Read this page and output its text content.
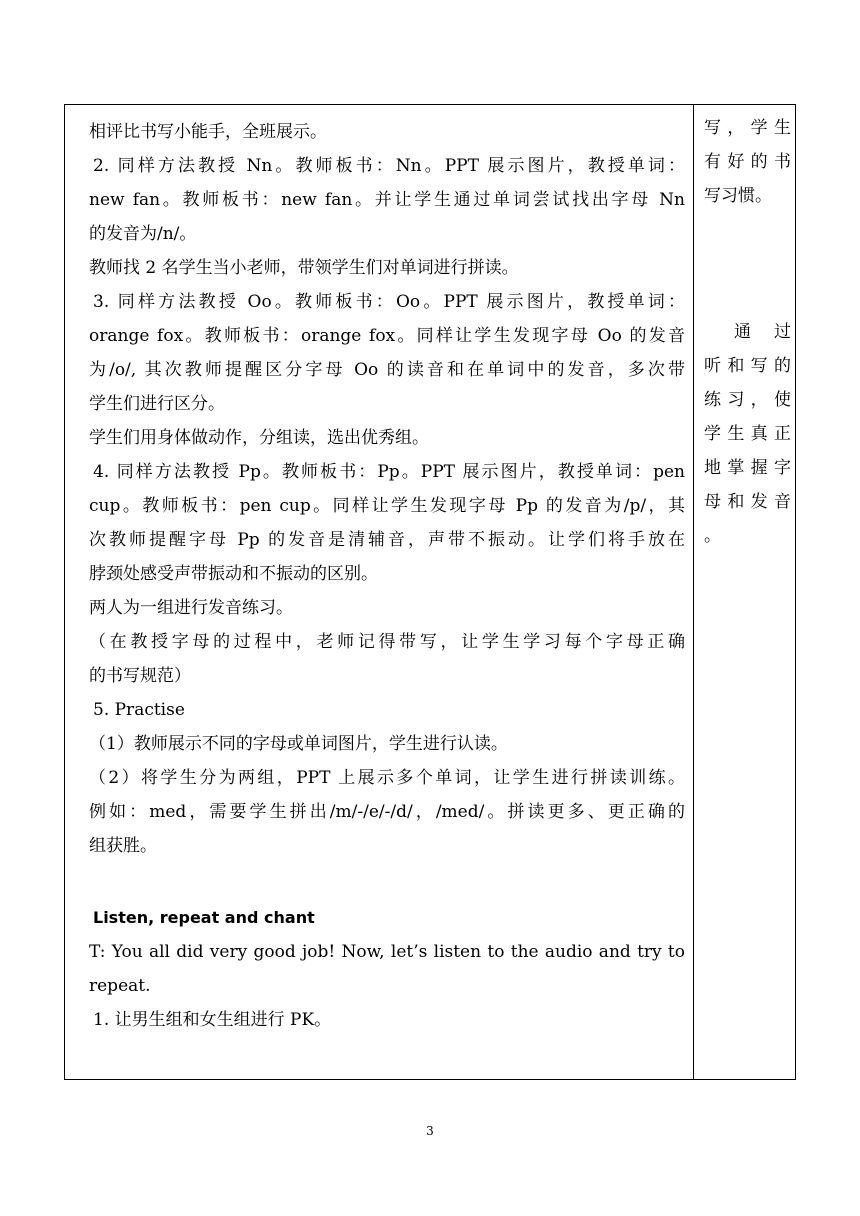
相评比书写小能手，全班展示。
2. 同样方法教授 Nn。教师板书：Nn。PPT 展示图片，教授单词：
new fan。教师板书：new fan。并让学生通过单词尝试找出字母 Nn
的发音为/n/。
教师找 2 名学生当小老师，带领学生们对单词进行拼读。
3. 同样方法教授 Oo。教师板书：Oo。PPT 展示图片，教授单词：
orange fox。教师板书：orange fox。同样让学生发现字母 Oo 的发音
为/o/, 其次教师提醒区分字母 Oo 的读音和在单词中的发音，多次带
学生们进行区分。
学生们用身体做动作，分组读，选出优秀组。
4. 同样方法教授 Pp。教师板书：Pp。PPT 展示图片，教授单词：pen
cup。教师板书：pen cup。同样让学生发现字母 Pp 的发音为/p/，其
次教师提醒字母 Pp 的发音是清辅音，声带不振动。让学们将手放在
脖颈处感受声带振动和不振动的区别。
两人为一组进行发音练习。
（在教授字母的过程中，老师记得带写，让学生学习每个字母正确
的书写规范）
5. Practise
（1）教师展示不同的字母或单词图片，学生进行认读。
（2）将学生分为两组，PPT 上展示多个单词，让学生进行拼读训练。
例如：med，需要学生拼出/m/-/e/-/d/，/med/。拼读更多、更正确的
组获胜。
Listen, repeat and chant
T: You all did very good job! Now, let’s listen to the audio and try to
repeat.
1. 让男生组和女生组进行 PK。
写，学生
有好的书
写习惯。
通过
听和写的
练习，使
学生真正
地掌握字
母和发音
。
3
